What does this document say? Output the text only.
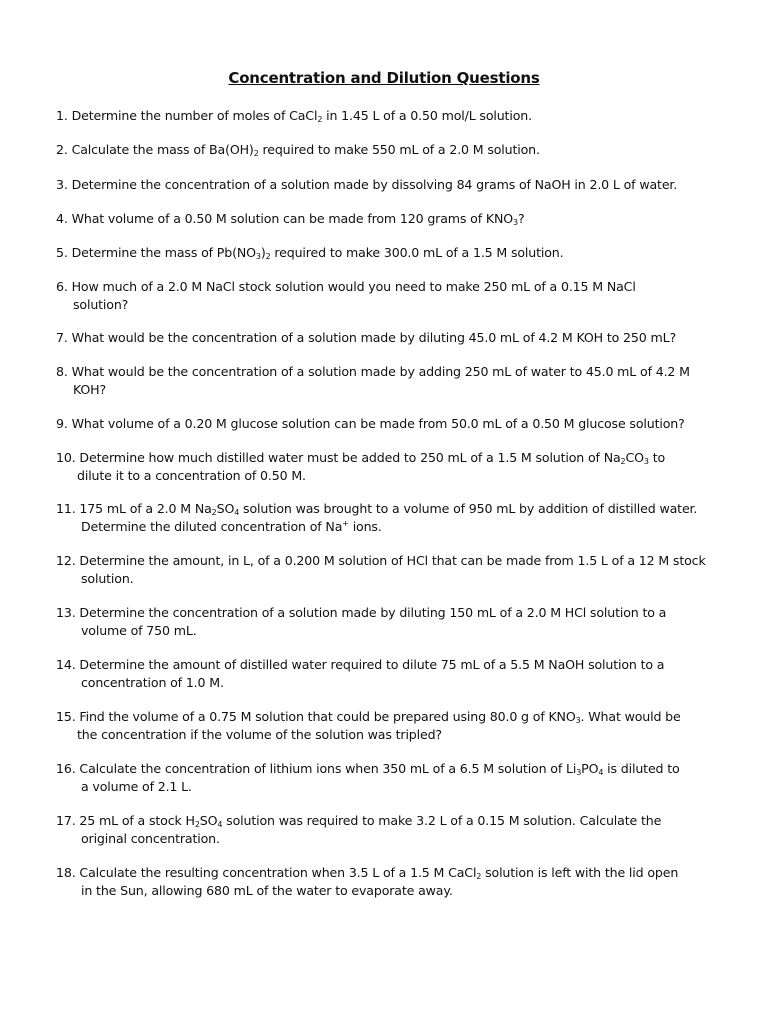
Concentration and Dilution Questions
1. Determine the number of moles of CaCl$_2$ in 1.45 L of a 0.50 mol/L solution.
2. Calculate the mass of $Ba(OH)_2$ required to make 550 mL of a 2.0 M solution.
3. Determine the concentration of a solution made by dissolving 84 grams of NaOH in 2.0 L of water.
4. What volume of a 0.50 M solution can be made from 120 grams of $KNO_3$?
5. Determine the mass of $Pb(NO_3)_2$ required to make 300.0 mL of a 1.5 M solution.
6. How much of a 2.0 M NaCl stock solution would you need to make 250 mL of a 0.15 M NaCl
solution?
7. What would be the concentration of a solution made by diluting 45.0 mL of 4.2 M KOH to 250 mL?
8. What would be the concentration of a solution made by adding 250 mL of water to 45.0 mL of 4.2 M
KOH?
9. What volume of a 0.20 M glucose solution can be made from 50.0 mL of a 0.50 M glucose solution?
10. Determine how much distilled water must be added to 250 mL of a 1.5 M solution of $Na_2CO_3$ to
dilute it to a concentration of 0.50 M.
11. 175 mL of a 2.0 M $Na_2SO_4$ solution was brought to a volume of 950 mL by addition of distilled water.
Determine the diluted concentration of Na+ ions.
12. Determine the amount, in L, of a 0.200 M solution of HCl that can be made from 1.5 L of a 12 M stock
solution.
13. Determine the concentration of a solution made by diluting 150 mL of a 2.0 M HCl solution to a
volume of 750 mL.
14. Determine the amount of distilled water required to dilute 75 mL of a 5.5 M NaOH solution to a
concentration of 1.0 M.
15. Find the volume of a 0.75 M solution that could be prepared using 80.0 g of $KNO_3$. What would be
the concentration if the volume of the solution was tripled?
16. Calculate the concentration of lithium ions when 350 mL of a 6.5 M solution of $Li_3PO_4$ is diluted to
a volume of 2.1 L.
17. 25 mL of a stock $H_2SO_4$ solution was required to make 3.2 L of a 0.15 M solution. Calculate the
original concentration.
18. Calculate the resulting concentration when 3.5 L of a 1.5 M CaCl$_2$ solution is left with the lid open
in the Sun, allowing 680 mL of the water to evaporate away.
